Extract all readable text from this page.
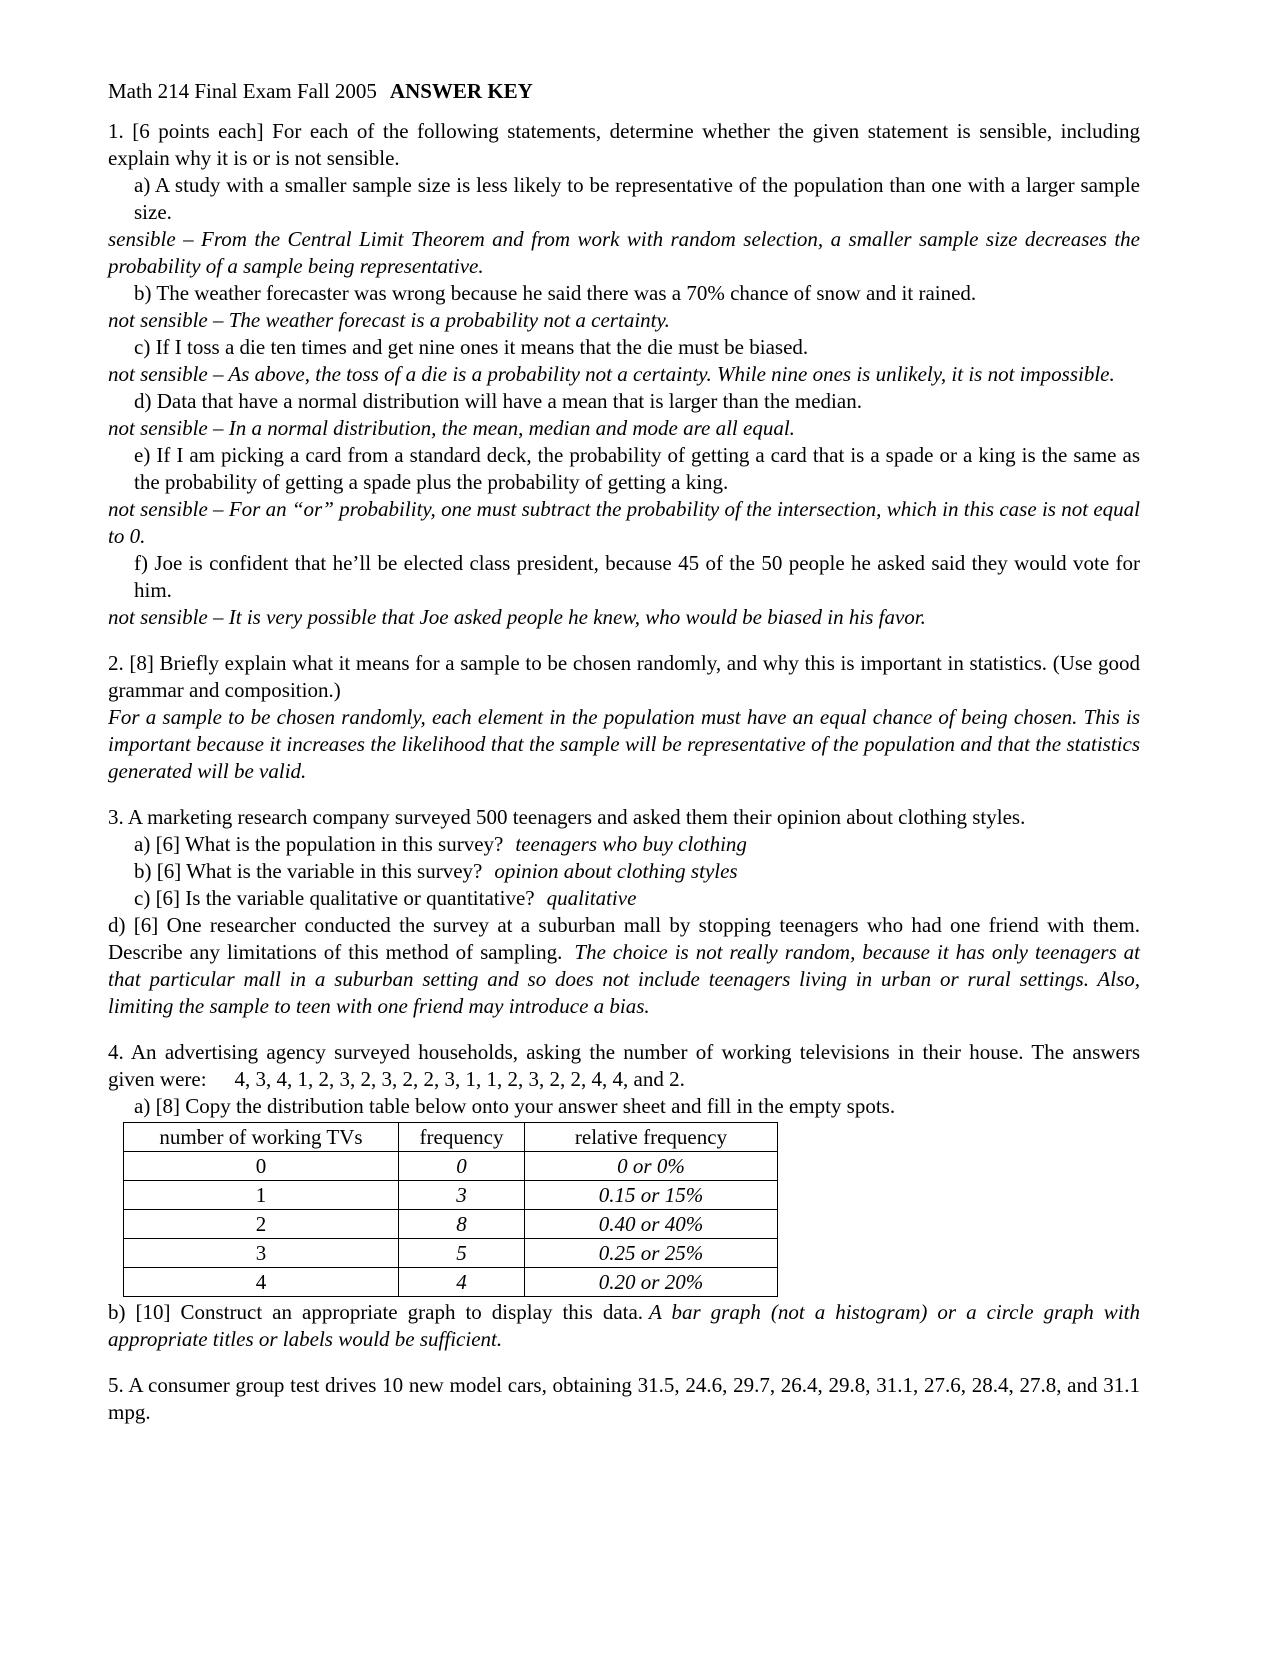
Math 214 Final Exam Fall 2005 ANSWER KEY

1. [6 points each] For each of the following statements, determine whether the given statement is sensible, including explain why it is or is not sensible.

a) A study with a smaller sample size is less likely to be representative of the population than one with a larger sample size.

sensible – From the Central Limit Theorem and from work with random selection, a smaller sample size decreases the probability of a sample being representative.

b) The weather forecaster was wrong because he said there was a 70% chance of snow and it rained.

not sensible – The weather forecast is a probability not a certainty.

c) If I toss a die ten times and get nine ones it means that the die must be biased.

not sensible – As above, the toss of a die is a probability not a certainty. While nine ones is unlikely, it is not impossible.

d) Data that have a normal distribution will have a mean that is larger than the median.

not sensible – In a normal distribution, the mean, median and mode are all equal.

e) If I am picking a card from a standard deck, the probability of getting a card that is a spade or a king is the same as the probability of getting a spade plus the probability of getting a king.

not sensible – For an “or” probability, one must subtract the probability of the intersection, which in this case is not equal to 0.

f) Joe is confident that he’ll be elected class president, because 45 of the 50 people he asked said they would vote for him.

not sensible – It is very possible that Joe asked people he knew, who would be biased in his favor.

2. [8] Briefly explain what it means for a sample to be chosen randomly, and why this is important in statistics. (Use good grammar and composition.)

For a sample to be chosen randomly, each element in the population must have an equal chance of being chosen. This is important because it increases the likelihood that the sample will be representative of the population and that the statistics generated will be valid.

3. A marketing research company surveyed 500 teenagers and asked them their opinion about clothing styles.

a) [6] What is the population in this survey? teenagers who buy clothing

b) [6] What is the variable in this survey? opinion about clothing styles

c) [6] Is the variable qualitative or quantitative? qualitative

d) [6] One researcher conducted the survey at a suburban mall by stopping teenagers who had one friend with them. Describe any limitations of this method of sampling. The choice is not really random, because it has only teenagers at that particular mall in a suburban setting and so does not include teenagers living in urban or rural settings. Also, limiting the sample to teen with one friend may introduce a bias.

4. An advertising agency surveyed households, asking the number of working televisions in their house. The answers given were: 4, 3, 4, 1, 2, 3, 2, 3, 2, 2, 3, 1, 1, 2, 3, 2, 2, 4, 4, and 2.

a) [8] Copy the distribution table below onto your answer sheet and fill in the empty spots.

number of working TVs	frequency	relative frequency
0	0	0 or 0%
1	3	0.15 or 15%
2	8	0.40 or 40%
3	5	0.25 or 25%
4	4	0.20 or 20%

b) [10] Construct an appropriate graph to display this data. A bar graph (not a histogram) or a circle graph with appropriate titles or labels would be sufficient.

5. A consumer group test drives 10 new model cars, obtaining 31.5, 24.6, 29.7, 26.4, 29.8, 31.1, 27.6, 28.4, 27.8, and 31.1 mpg.
